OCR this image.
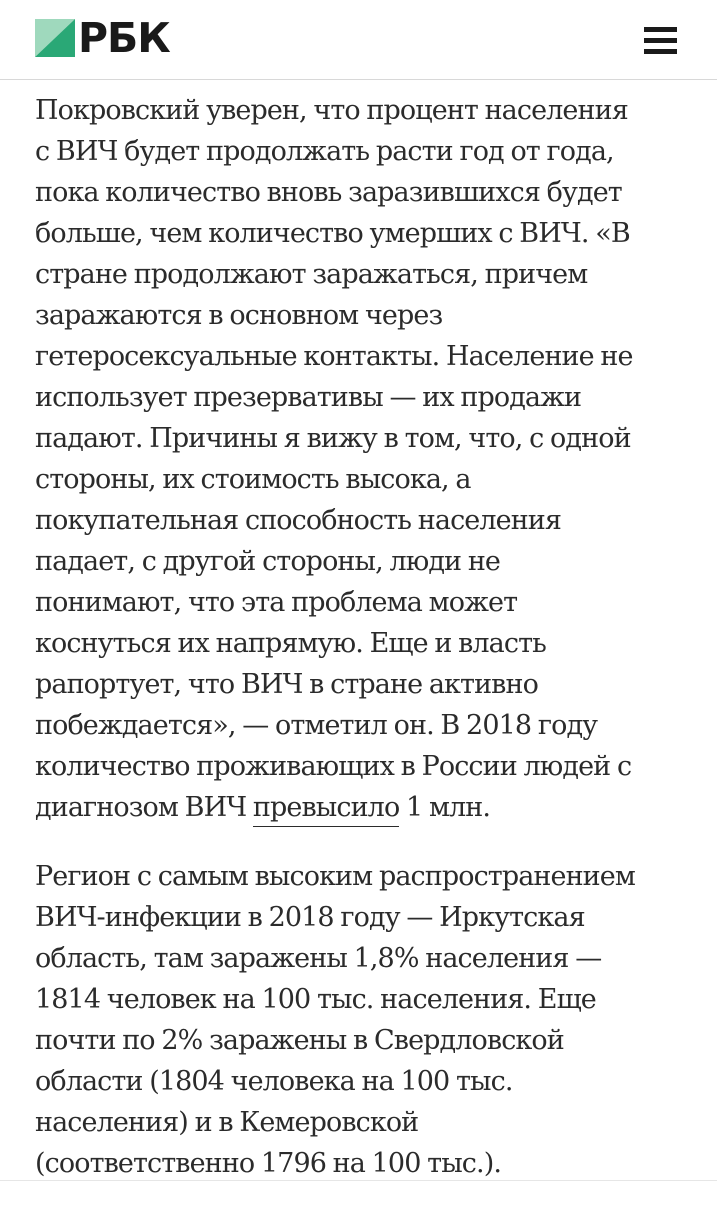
РБК

Покровский уверен, что процент населения
с ВИЧ будет продолжать расти год от года,
пока количество вновь заразившихся будет
больше, чем количество умерших с ВИЧ. «В
стране продолжают заражаться, причем
заражаются в основном через
гетеросексуальные контакты. Население не
использует презервативы — их продажи
падают. Причины я вижу в том, что, с одной
стороны, их стоимость высока, а
покупательная способность населения
падает, с другой стороны, люди не
понимают, что эта проблема может
коснуться их напрямую. Еще и власть
рапортует, что ВИЧ в стране активно
побеждается», — отметил он. В 2018 году
количество проживающих в России людей с
диагнозом ВИЧ превысило 1 млн.

Регион с самым высоким распространением
ВИЧ-инфекции в 2018 году — Иркутская
область, там заражены 1,8% населения —
1814 человек на 100 тыс. населения. Еще
почти по 2% заражены в Свердловской
области (1804 человека на 100 тыс.
населения) и в Кемеровской
(соответственно 1796 на 100 тыс.).
